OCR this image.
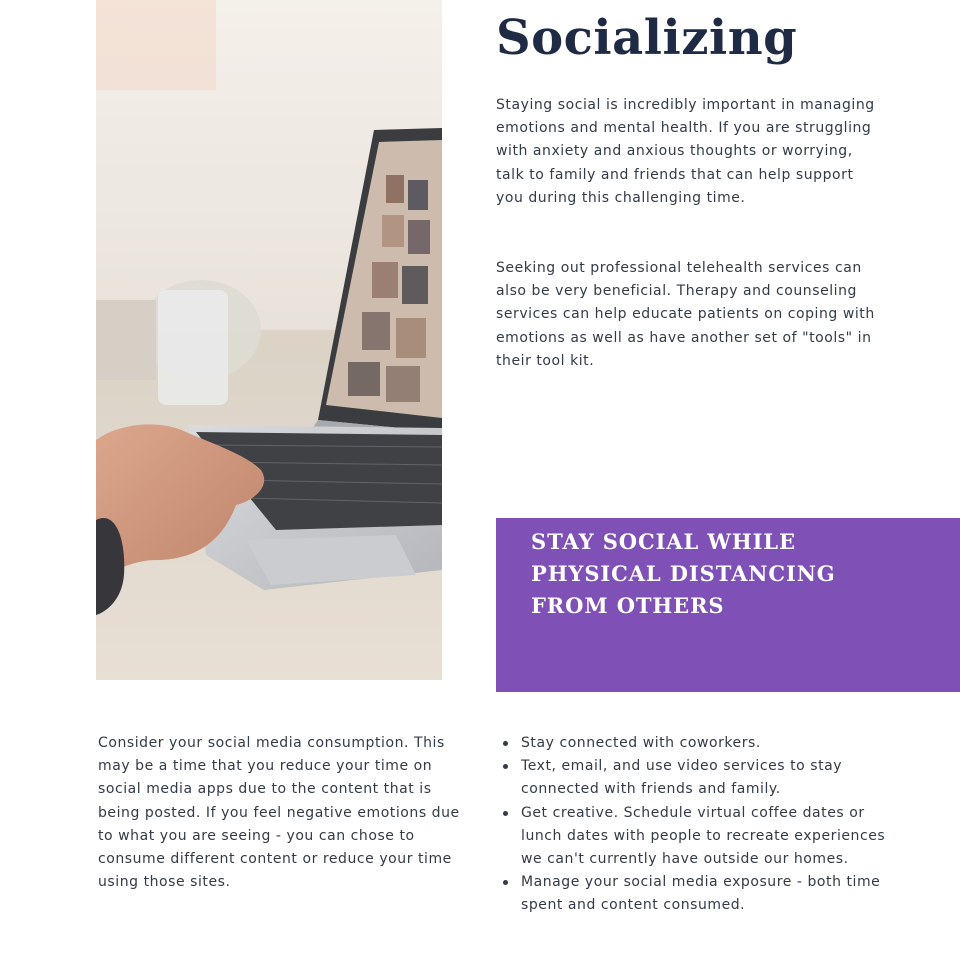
Socializing

Staying social is incredibly important in managing emotions and mental health. If you are struggling with anxiety and anxious thoughts or worrying, talk to family and friends that can help support you during this challenging time.

Seeking out professional telehealth services can also be very beneficial. Therapy and counseling services can help educate patients on coping with emotions as well as have another set of "tools" in their tool kit.

STAY SOCIAL WHILE
PHYSICAL DISTANCING
FROM OTHERS

Consider your social media consumption. This may be a time that you reduce your time on social media apps due to the content that is being posted. If you feel negative emotions due to what you are seeing - you can chose to consume different content or reduce your time using those sites.

Stay connected with coworkers.
Text, email, and use video services to stay connected with friends and family.
Get creative. Schedule virtual coffee dates or lunch dates with people to recreate experiences we can't currently have outside our homes.
Manage your social media exposure - both time spent and content consumed.
